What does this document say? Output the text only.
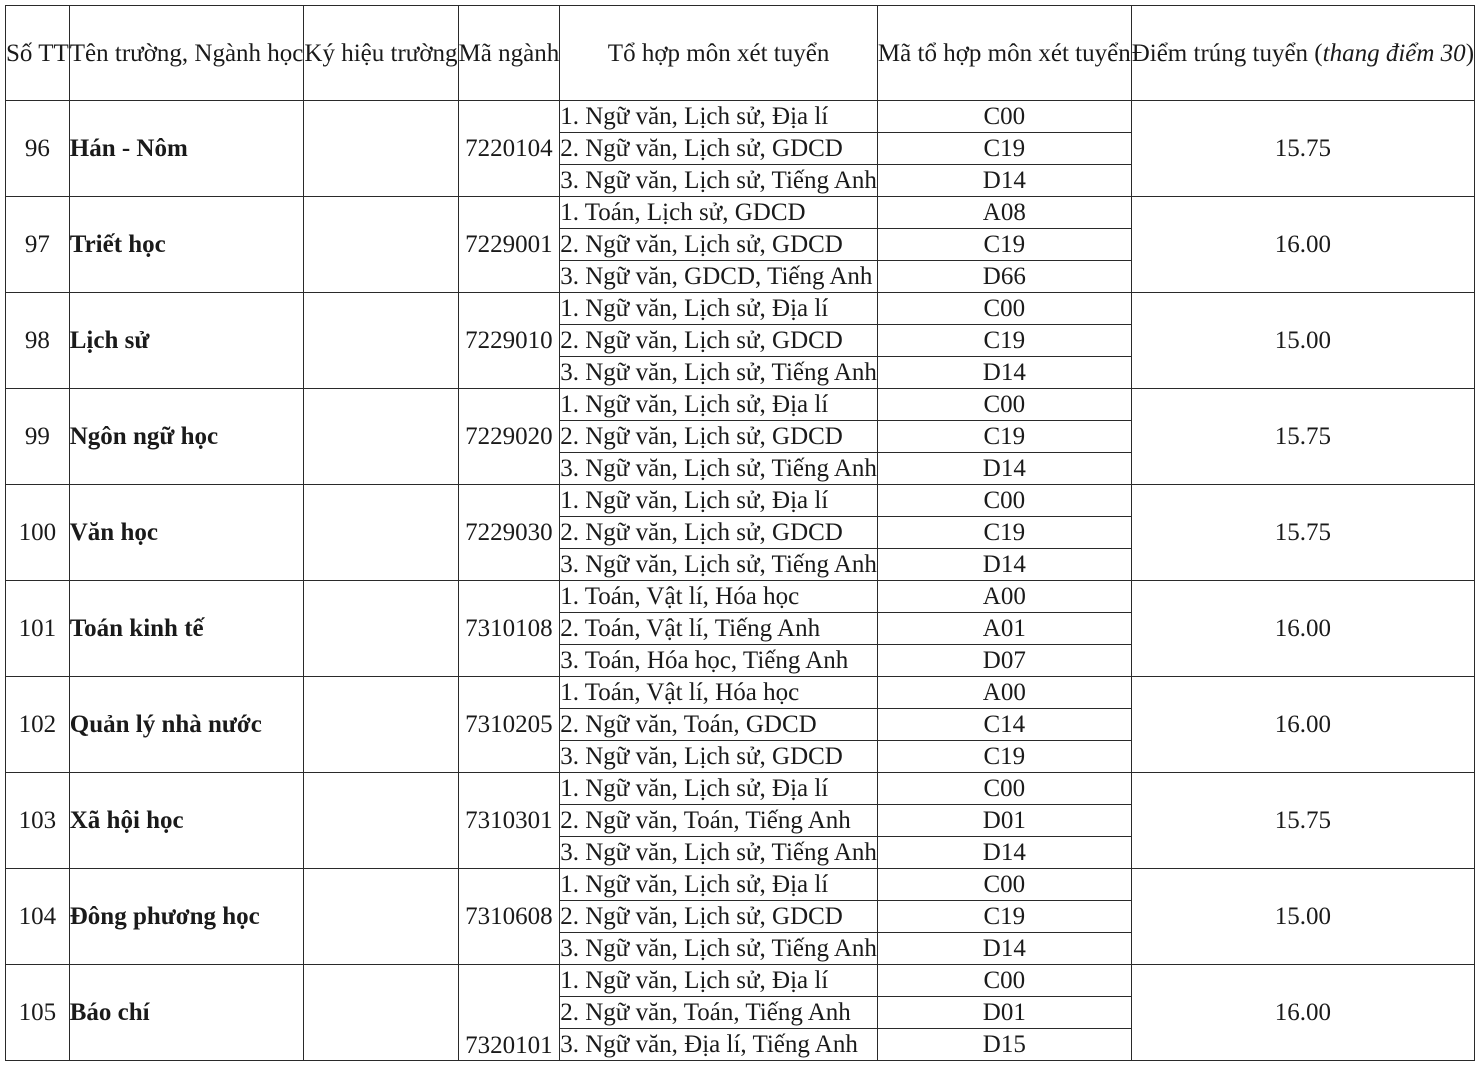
Số TT	Tên trường, Ngành học	Ký hiệu trường	Mã ngành	Tổ hợp môn xét tuyển	Mã tổ hợp môn xét tuyển	Điểm trúng tuyển (thang điểm 30)
96	Hán - Nôm		7220104	1. Ngữ văn, Lịch sử, Địa lí	C00	15.75
				2. Ngữ văn, Lịch sử, GDCD	C19	
				3. Ngữ văn, Lịch sử, Tiếng Anh	D14	
97	Triết học		7229001	1. Toán, Lịch sử, GDCD	A08	16.00
				2. Ngữ văn, Lịch sử, GDCD	C19	
				3. Ngữ văn, GDCD, Tiếng Anh	D66	
98	Lịch sử		7229010	1. Ngữ văn, Lịch sử, Địa lí	C00	15.00
				2. Ngữ văn, Lịch sử, GDCD	C19	
				3. Ngữ văn, Lịch sử, Tiếng Anh	D14	
99	Ngôn ngữ học		7229020	1. Ngữ văn, Lịch sử, Địa lí	C00	15.75
				2. Ngữ văn, Lịch sử, GDCD	C19	
				3. Ngữ văn, Lịch sử, Tiếng Anh	D14	
100	Văn học		7229030	1. Ngữ văn, Lịch sử, Địa lí	C00	15.75
				2. Ngữ văn, Lịch sử, GDCD	C19	
				3. Ngữ văn, Lịch sử, Tiếng Anh	D14	
101	Toán kinh tế		7310108	1. Toán, Vật lí, Hóa học	A00	16.00
				2. Toán, Vật lí, Tiếng Anh	A01	
				3. Toán, Hóa học, Tiếng Anh	D07	
102	Quản lý nhà nước		7310205	1. Toán, Vật lí, Hóa học	A00	16.00
				2. Ngữ văn, Toán, GDCD	C14	
				3. Ngữ văn, Lịch sử, GDCD	C19	
103	Xã hội học		7310301	1. Ngữ văn, Lịch sử, Địa lí	C00	15.75
				2. Ngữ văn, Toán, Tiếng Anh	D01	
				3. Ngữ văn, Lịch sử, Tiếng Anh	D14	
104	Đông phương học		7310608	1. Ngữ văn, Lịch sử, Địa lí	C00	15.00
				2. Ngữ văn, Lịch sử, GDCD	C19	
				3. Ngữ văn, Lịch sử, Tiếng Anh	D14	
105	Báo chí		7320101	1. Ngữ văn, Lịch sử, Địa lí	C00	16.00
				2. Ngữ văn, Toán, Tiếng Anh	D01	
				3. Ngữ văn, Địa lí, Tiếng Anh	D15	
